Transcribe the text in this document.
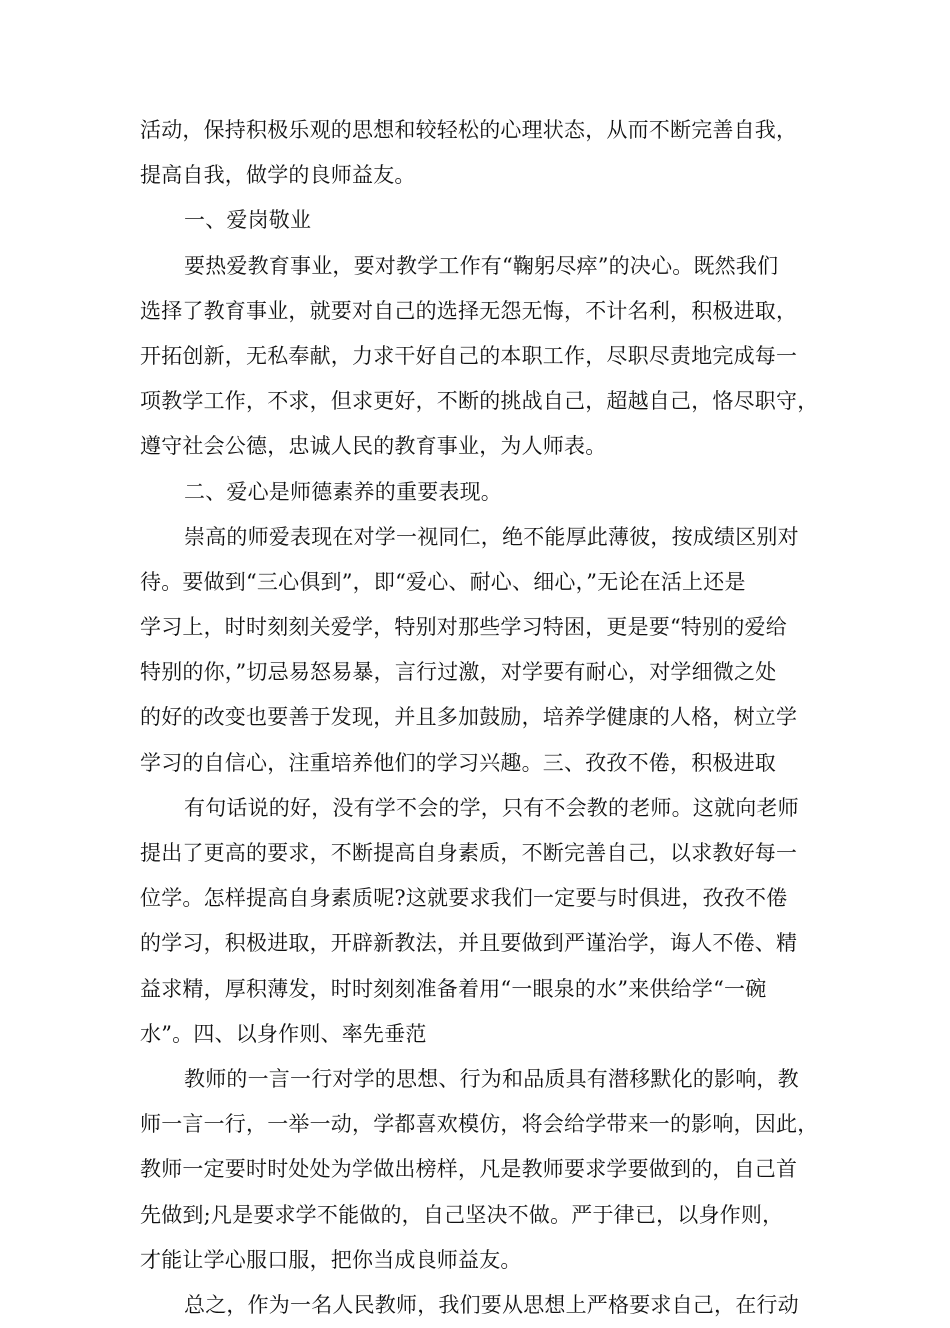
活动，保持积极乐观的思想和较轻松的心理状态，从而不断完善自我，
提高自我，做学的良师益友。
一、爱岗敬业
要热爱教育事业，要对教学工作有“鞠躬尽瘁”的决心。既然我们
选择了教育事业，就要对自己的选择无怨无悔，不计名利，积极进取，
开拓创新，无私奉献，力求干好自己的本职工作，尽职尽责地完成每一
项教学工作，不求，但求更好，不断的挑战自己，超越自己，恪尽职守，
遵守社会公德，忠诚人民的教育事业，为人师表。
二、爱心是师德素养的重要表现。
崇高的师爱表现在对学一视同仁，绝不能厚此薄彼，按成绩区别对
待。要做到“三心俱到”，即“爱心、耐心、细心，”无论在活上还是
学习上，时时刻刻关爱学，特别对那些学习特困，更是要“特别的爱给
特别的你，”切忌易怒易暴，言行过激，对学要有耐心，对学细微之处
的好的改变也要善于发现，并且多加鼓励，培养学健康的人格，树立学
学习的自信心，注重培养他们的学习兴趣。三、孜孜不倦，积极进取
有句话说的好，没有学不会的学，只有不会教的老师。这就向老师
提出了更高的要求，不断提高自身素质，不断完善自己，以求教好每一
位学。怎样提高自身素质呢?这就要求我们一定要与时俱进，孜孜不倦
的学习，积极进取，开辟新教法，并且要做到严谨治学，诲人不倦、精
益求精，厚积薄发，时时刻刻准备着用“一眼泉的水”来供给学“一碗
水”。四、以身作则、率先垂范
教师的一言一行对学的思想、行为和品质具有潜移默化的影响，教
师一言一行，一举一动，学都喜欢模仿，将会给学带来一的影响，因此，
教师一定要时时处处为学做出榜样，凡是教师要求学要做到的，自己首
先做到;凡是要求学不能做的，自己坚决不做。严于律已，以身作则，
才能让学心服口服，把你当成良师益友。
总之，作为一名人民教师，我们要从思想上严格要求自己，在行动
